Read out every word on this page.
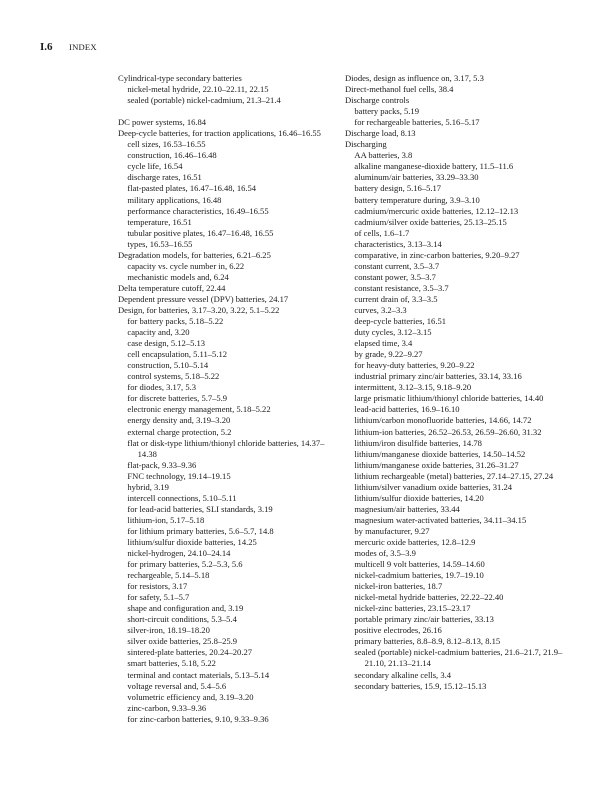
I.6 INDEX
Cylindrical-type secondary batteries
nickel-metal hydride, 22.10–22.11, 22.15
sealed (portable) nickel-cadmium, 21.3–21.4
DC power systems, 16.84
Deep-cycle batteries, for traction applications, 16.46–16.55
cell sizes, 16.53–16.55
construction, 16.46–16.48
cycle life, 16.54
discharge rates, 16.51
flat-pasted plates, 16.47–16.48, 16.54
military applications, 16.48
performance characteristics, 16.49–16.55
temperature, 16.51
tubular positive plates, 16.47–16.48, 16.55
types, 16.53–16.55
Degradation models, for batteries, 6.21–6.25
capacity vs. cycle number in, 6.22
mechanistic models and, 6.24
Delta temperature cutoff, 22.44
Dependent pressure vessel (DPV) batteries, 24.17
Design, for batteries, 3.17–3.20, 3.22, 5.1–5.22
for battery packs, 5.18–5.22
capacity and, 3.20
case design, 5.12–5.13
cell encapsulation, 5.11–5.12
construction, 5.10–5.14
control systems, 5.18–5.22
for diodes, 3.17, 5.3
for discrete batteries, 5.7–5.9
electronic energy management, 5.18–5.22
energy density and, 3.19–3.20
external charge protection, 5.2
flat or disk-type lithium/thionyl chloride batteries, 14.37–14.38
flat-pack, 9.33–9.36
FNC technology, 19.14–19.15
hybrid, 3.19
intercell connections, 5.10–5.11
for lead-acid batteries, SLI standards, 3.19
lithium-ion, 5.17–5.18
for lithium primary batteries, 5.6–5.7, 14.8
lithium/sulfur dioxide batteries, 14.25
nickel-hydrogen, 24.10–24.14
for primary batteries, 5.2–5.3, 5.6
rechargeable, 5.14–5.18
for resistors, 3.17
for safety, 5.1–5.7
shape and configuration and, 3.19
short-circuit conditions, 5.3–5.4
silver-iron, 18.19–18.20
silver oxide batteries, 25.8–25.9
sintered-plate batteries, 20.24–20.27
smart batteries, 5.18, 5.22
terminal and contact materials, 5.13–5.14
voltage reversal and, 5.4–5.6
volumetric efficiency and, 3.19–3.20
zinc-carbon, 9.33–9.36
for zinc-carbon batteries, 9.10, 9.33–9.36
Diodes, design as influence on, 3.17, 5.3
Direct-methanol fuel cells, 38.4
Discharge controls
battery packs, 5.19
for rechargeable batteries, 5.16–5.17
Discharge load, 8.13
Discharging
AA batteries, 3.8
alkaline manganese-dioxide battery, 11.5–11.6
aluminum/air batteries, 33.29–33.30
battery design, 5.16–5.17
battery temperature during, 3.9–3.10
cadmium/mercuric oxide batteries, 12.12–12.13
cadmium/silver oxide batteries, 25.13–25.15
of cells, 1.6–1.7
characteristics, 3.13–3.14
comparative, in zinc-carbon batteries, 9.20–9.27
constant current, 3.5–3.7
constant power, 3.5–3.7
constant resistance, 3.5–3.7
current drain of, 3.3–3.5
curves, 3.2–3.3
deep-cycle batteries, 16.51
duty cycles, 3.12–3.15
elapsed time, 3.4
by grade, 9.22–9.27
for heavy-duty batteries, 9.20–9.22
industrial primary zinc/air batteries, 33.14, 33.16
intermittent, 3.12–3.15, 9.18–9.20
large prismatic lithium/thionyl chloride batteries, 14.40
lead-acid batteries, 16.9–16.10
lithium/carbon monofluoride batteries, 14.66, 14.72
lithium-ion batteries, 26.52–26.53, 26.59–26.60, 31.32
lithium/iron disulfide batteries, 14.78
lithium/manganese dioxide batteries, 14.50–14.52
lithium/manganese oxide batteries, 31.26–31.27
lithium rechargeable (metal) batteries, 27.14–27.15, 27.24
lithium/silver vanadium oxide batteries, 31.24
lithium/sulfur dioxide batteries, 14.20
magnesium/air batteries, 33.44
magnesium water-activated batteries, 34.11–34.15
by manufacturer, 9.27
mercuric oxide batteries, 12.8–12.9
modes of, 3.5–3.9
multicell 9 volt batteries, 14.59–14.60
nickel-cadmium batteries, 19.7–19.10
nickel-iron batteries, 18.7
nickel-metal hydride batteries, 22.22–22.40
nickel-zinc batteries, 23.15–23.17
portable primary zinc/air batteries, 33.13
positive electrodes, 26.16
primary batteries, 8.8–8.9, 8.12–8.13, 8.15
sealed (portable) nickel-cadmium batteries, 21.6–21.7, 21.9–21.10, 21.13–21.14
secondary alkaline cells, 3.4
secondary batteries, 15.9, 15.12–15.13
